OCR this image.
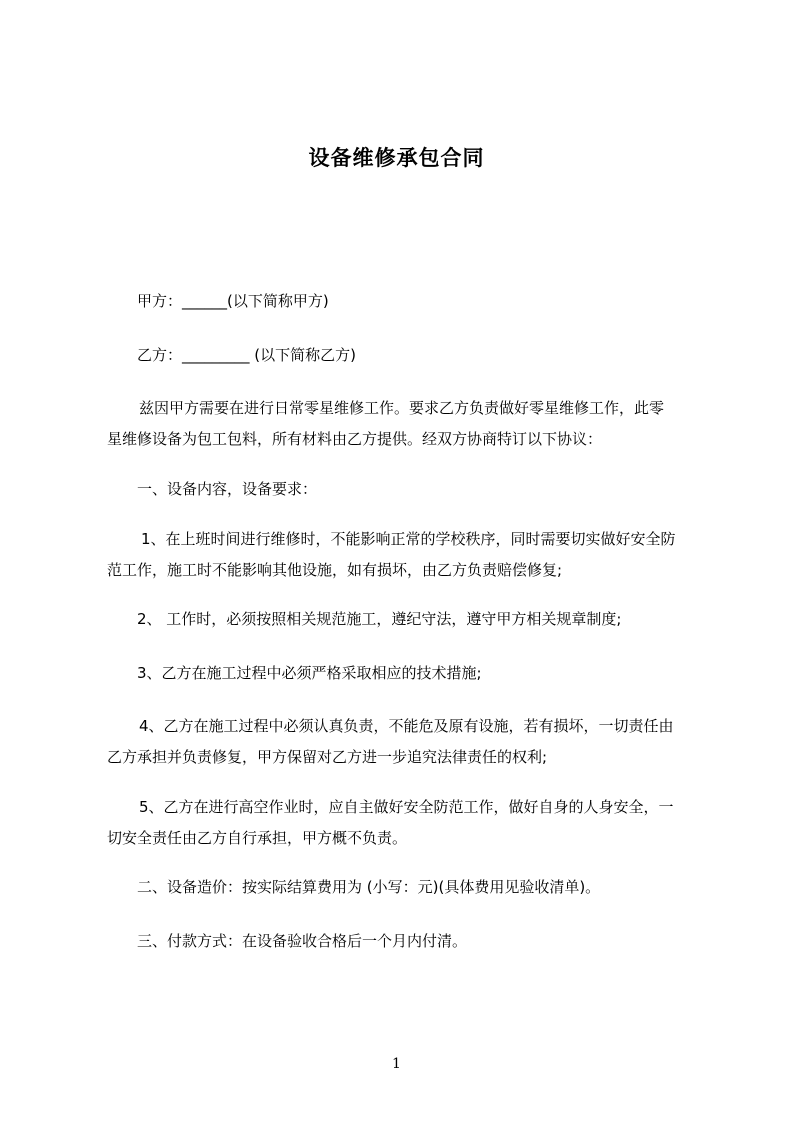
设备维修承包合同

甲方：______(以下简称甲方)

乙方：_________ (以下简称乙方)

兹因甲方需要在进行日常零星维修工作。要求乙方负责做好零星维修工作，此零
星维修设备为包工包料，所有材料由乙方提供。经双方协商特订以下协议：

一、设备内容，设备要求：

1、在上班时间进行维修时，不能影响正常的学校秩序，同时需要切实做好安全防
范工作，施工时不能影响其他设施，如有损坏，由乙方负责赔偿修复;

2、 工作时，必须按照相关规范施工，遵纪守法，遵守甲方相关规章制度;

3、乙方在施工过程中必须严格采取相应的技术措施;

4、乙方在施工过程中必须认真负责，不能危及原有设施，若有损坏，一切责任由
乙方承担并负责修复，甲方保留对乙方进一步追究法律责任的权利;

5、乙方在进行高空作业时，应自主做好安全防范工作，做好自身的人身安全，一
切安全责任由乙方自行承担，甲方概不负责。

二、设备造价：按实际结算费用为 (小写：元)(具体费用见验收清单)。

三、付款方式：在设备验收合格后一个月内付清。

1
